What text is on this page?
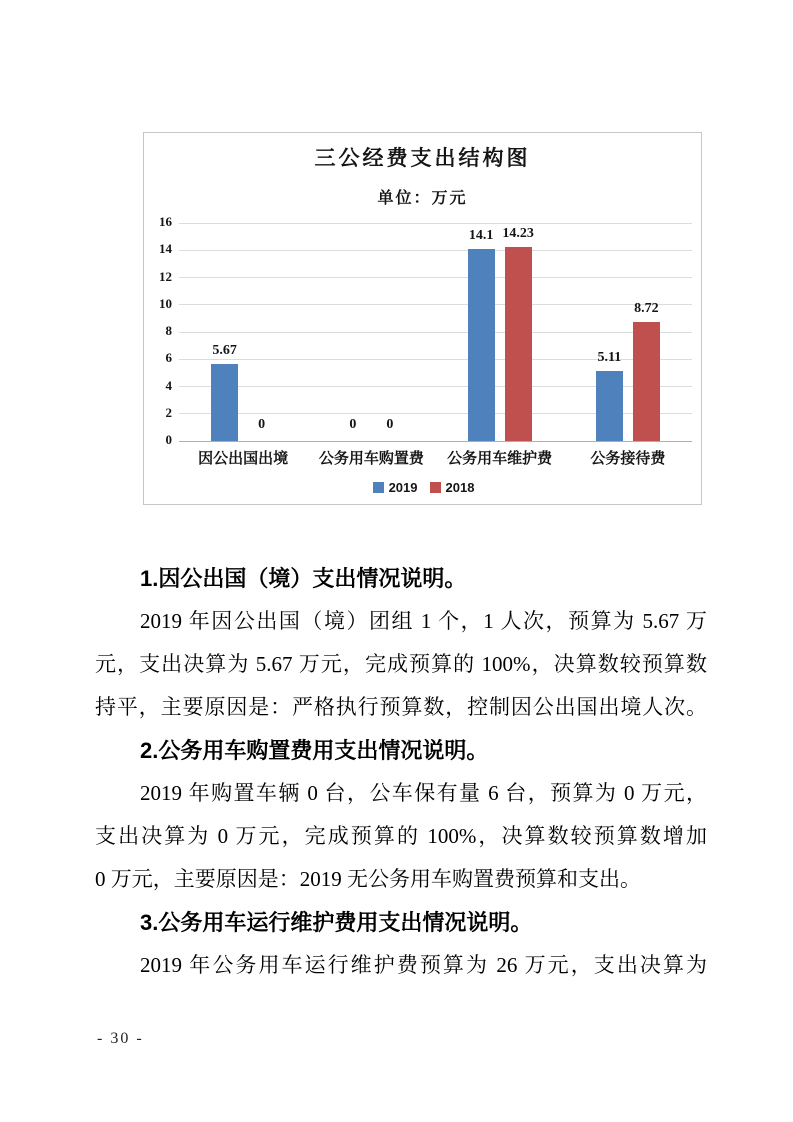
三公经费支出结构图
单位：万元
0
2
4
6
8
10
12
14
16
5.67
0	0	0
14.1 14.23
5.11
8.72
因公出国出境	公务用车购置费	公务用车维护费	公务接待费
2019 2018
1.因公出国（境）支出情况说明。
2019 年因公出国（境）团组 1 个，1 人次，预算为 5.67 万
元，支出决算为 5.67 万元，完成预算的 100%，决算数较预算数
持平，主要原因是：严格执行预算数，控制因公出国出境人次。
2.公务用车购置费用支出情况说明。
2019 年购置车辆 0 台，公车保有量 6 台，预算为 0 万元，
支出决算为 0 万元，完成预算的 100%，决算数较预算数增加
0 万元，主要原因是：2019 无公务用车购置费预算和支出。
3.公务用车运行维护费用支出情况说明。
2019 年公务用车运行维护费预算为 26 万元，支出决算为
- 30 -
